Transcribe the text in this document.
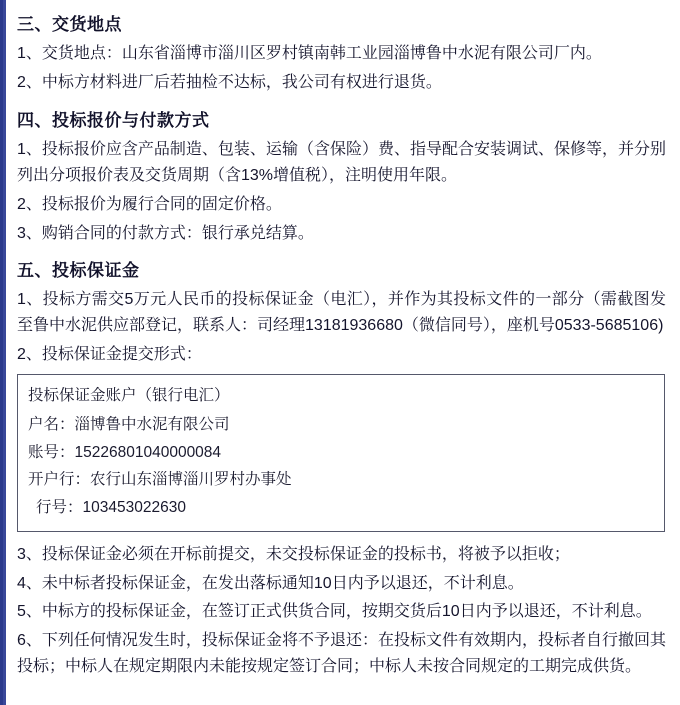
三、交货地点

1、交货地点：山东省淄博市淄川区罗村镇南韩工业园淄博鲁中水泥有限公司厂内。

2、中标方材料进厂后若抽检不达标，我公司有权进行退货。

四、投标报价与付款方式

1、投标报价应含产品制造、包装、运输（含保险）费、指导配合安装调试、保修等，并分别列出分项报价表及交货周期（含13%增值税），注明使用年限。

2、投标报价为履行合同的固定价格。

3、购销合同的付款方式：银行承兑结算。

五、投标保证金

1、投标方需交5万元人民币的投标保证金（电汇），并作为其投标文件的一部分（需截图发至鲁中水泥供应部登记，联系人：司经理13181936680（微信同号），座机号0533-5685106)

2、投标保证金提交形式：

投标保证金账户（银行电汇）

户名：淄博鲁中水泥有限公司

账号：15226801040000084

开户行：农行山东淄博淄川罗村办事处

行号：103453022630

3、投标保证金必须在开标前提交，未交投标保证金的投标书，将被予以拒收；

4、未中标者投标保证金，在发出落标通知10日内予以退还，不计利息。

5、中标方的投标保证金，在签订正式供货合同，按期交货后10日内予以退还，不计利息。

6、下列任何情况发生时，投标保证金将不予退还：在投标文件有效期内，投标者自行撤回其投标；中标人在规定期限内未能按规定签订合同；中标人未按合同规定的工期完成供货。
